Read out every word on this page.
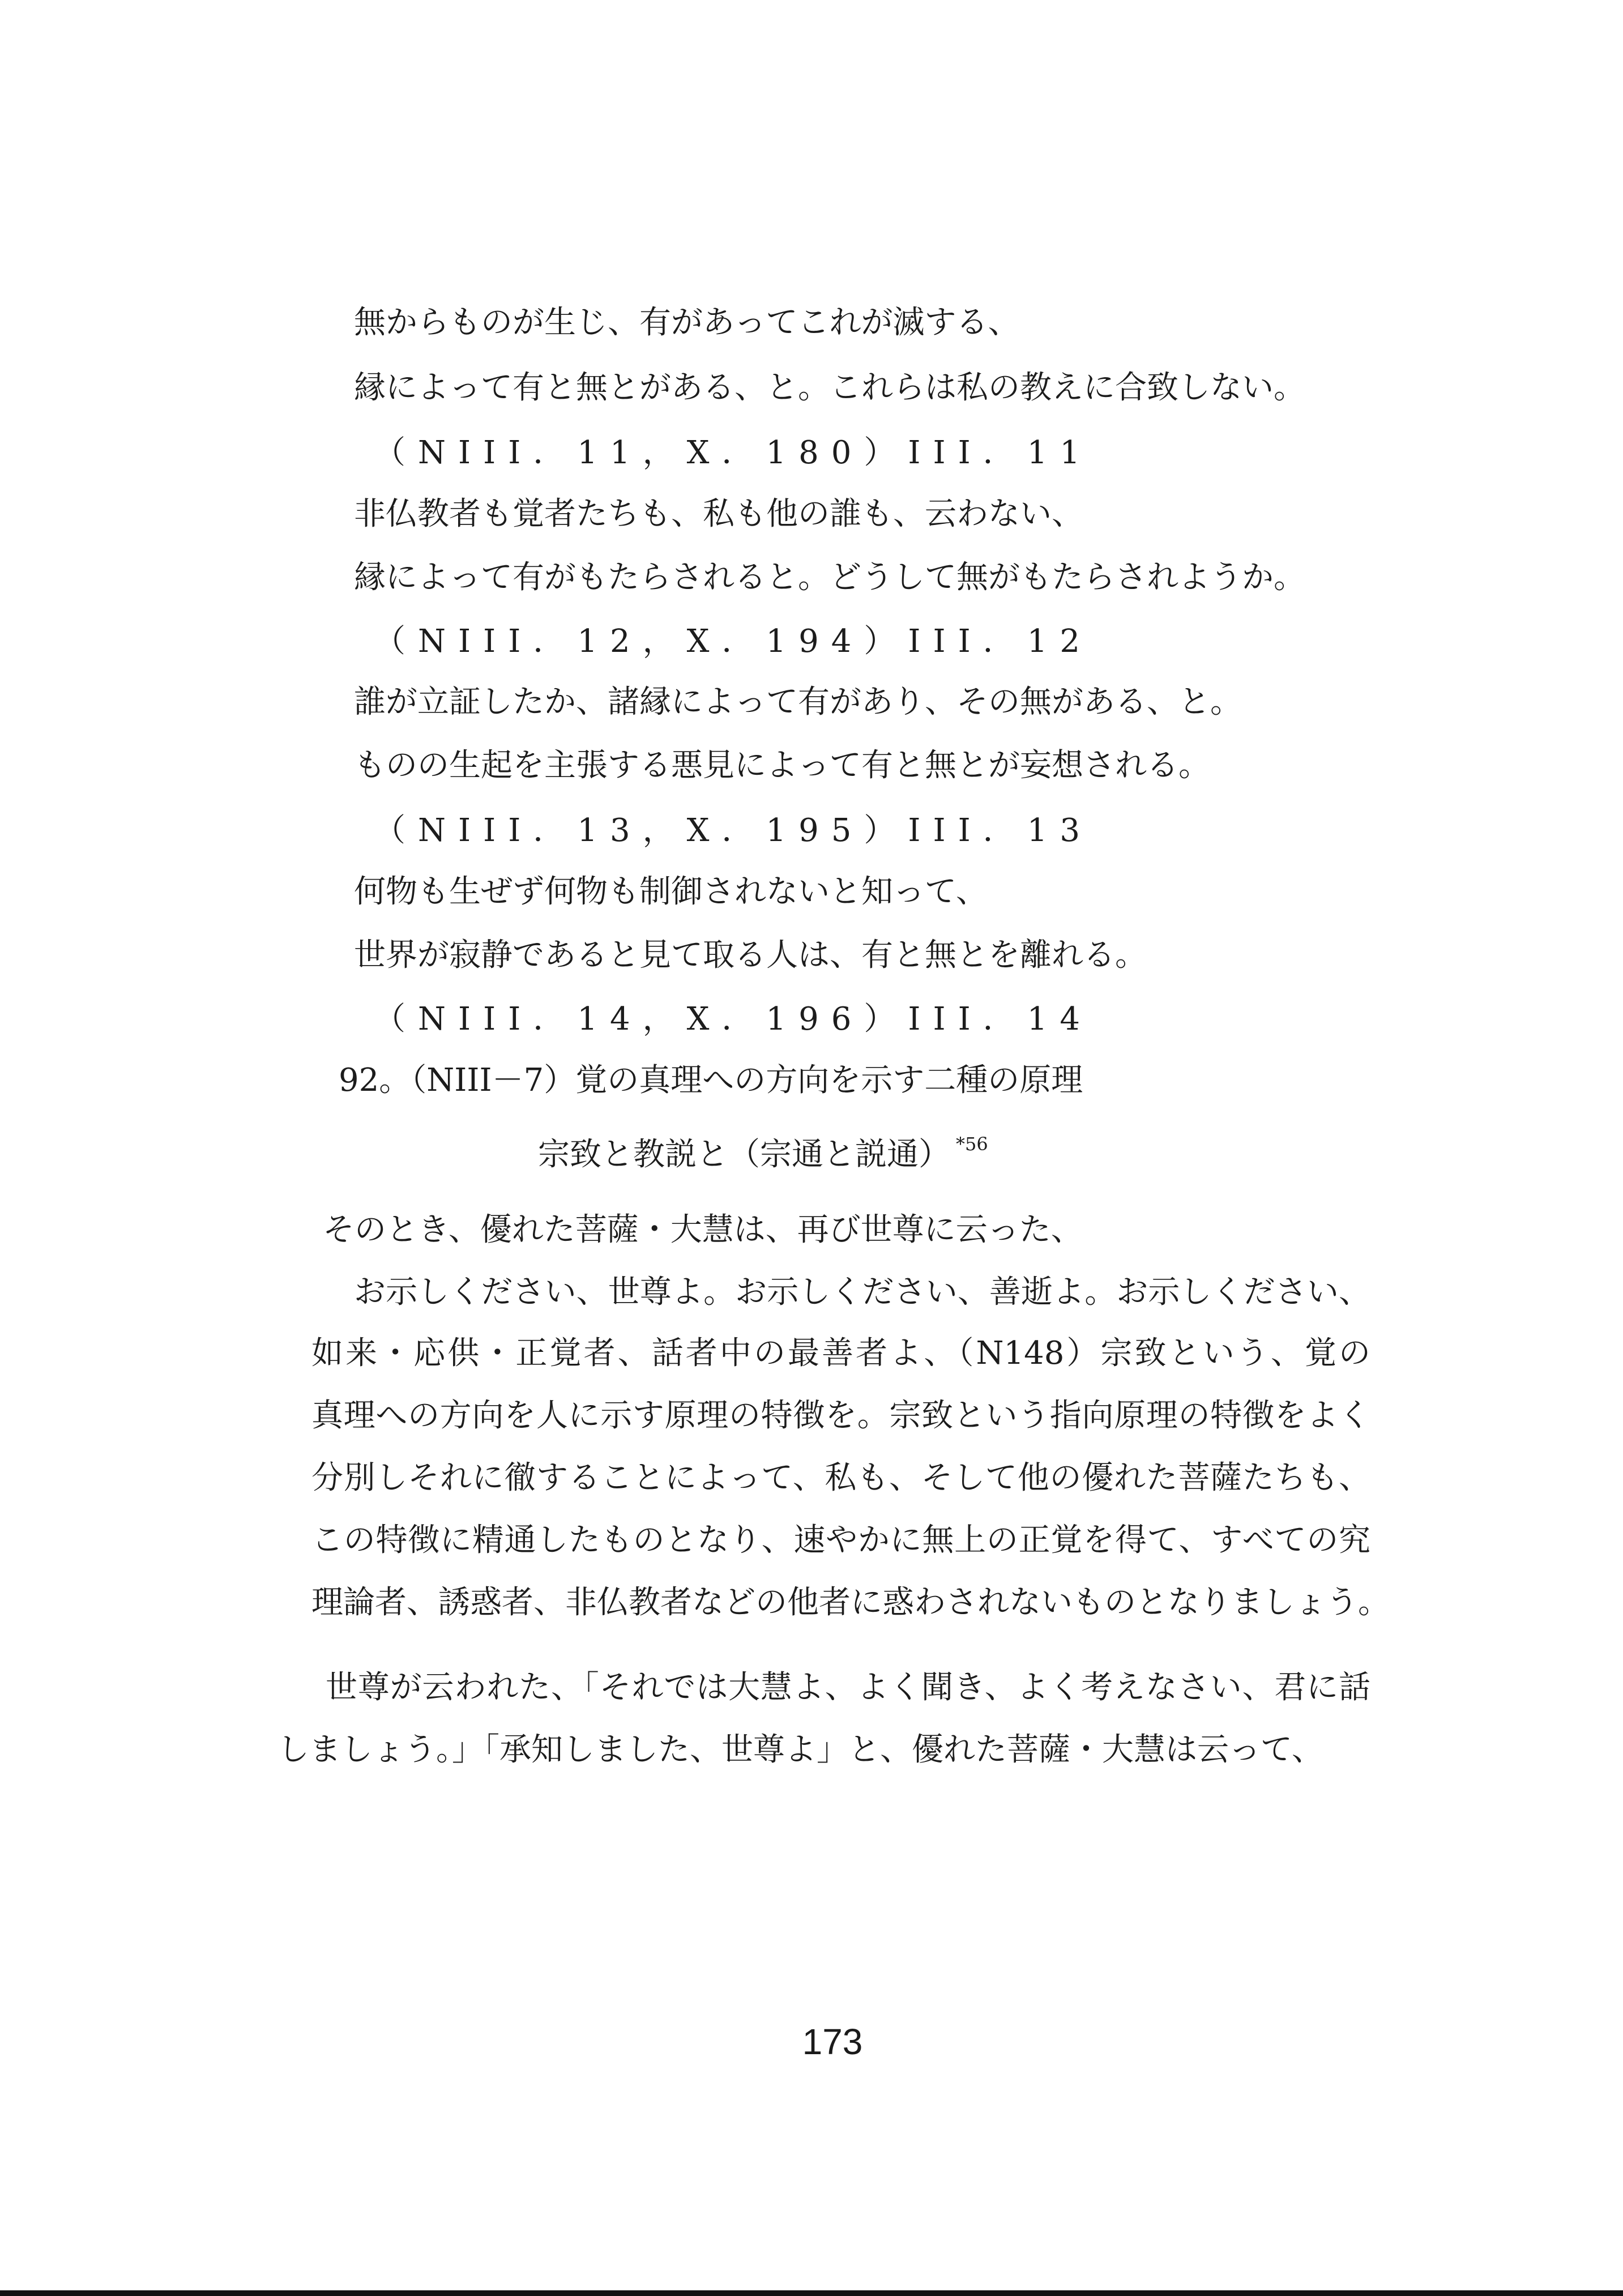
無からものが生じ、有があってこれが滅する、
縁によって有と無とがある、と。これらは私の教えに合致しない。
（NIII．11，X．180）III．11
非仏教者も覚者たちも、私も他の誰も、云わない、
縁によって有がもたらされると。どうして無がもたらされようか。
（NIII．12，X．194）III．12
誰が立証したか、諸縁によって有があり、その無がある、と。
ものの生起を主張する悪見によって有と無とが妄想される。
（NIII．13，X．195）III．13
何物も生ぜず何物も制御されないと知って、
世界が寂静であると見て取る人は、有と無とを離れる。
（NIII．14，X．196）III．14
92。（NIII－7）覚の真理への方向を示す二種の原理
宗致と教説と（宗通と説通） $^{*56}$
そのとき、優れた菩薩・大慧は、再び世尊に云った、
お示しください、世尊よ。お示しください、善逝よ。お示しください、
如来・応供・正覚者、話者中の最善者よ、（N148）宗致という、覚の
真理への方向を人に示す原理の特徴を。宗致という指向原理の特徴をよく
分別しそれに徹することによって、私も、そして他の優れた菩薩たちも、
この特徴に精通したものとなり、速やかに無上の正覚を得て、すべての究
理論者、誘惑者、非仏教者などの他者に惑わされないものとなりましょう。
世尊が云われた、「それでは大慧よ、よく聞き、よく考えなさい、君に話
しましょう。」「承知しました、世尊よ」と、優れた菩薩・大慧は云って、
173
